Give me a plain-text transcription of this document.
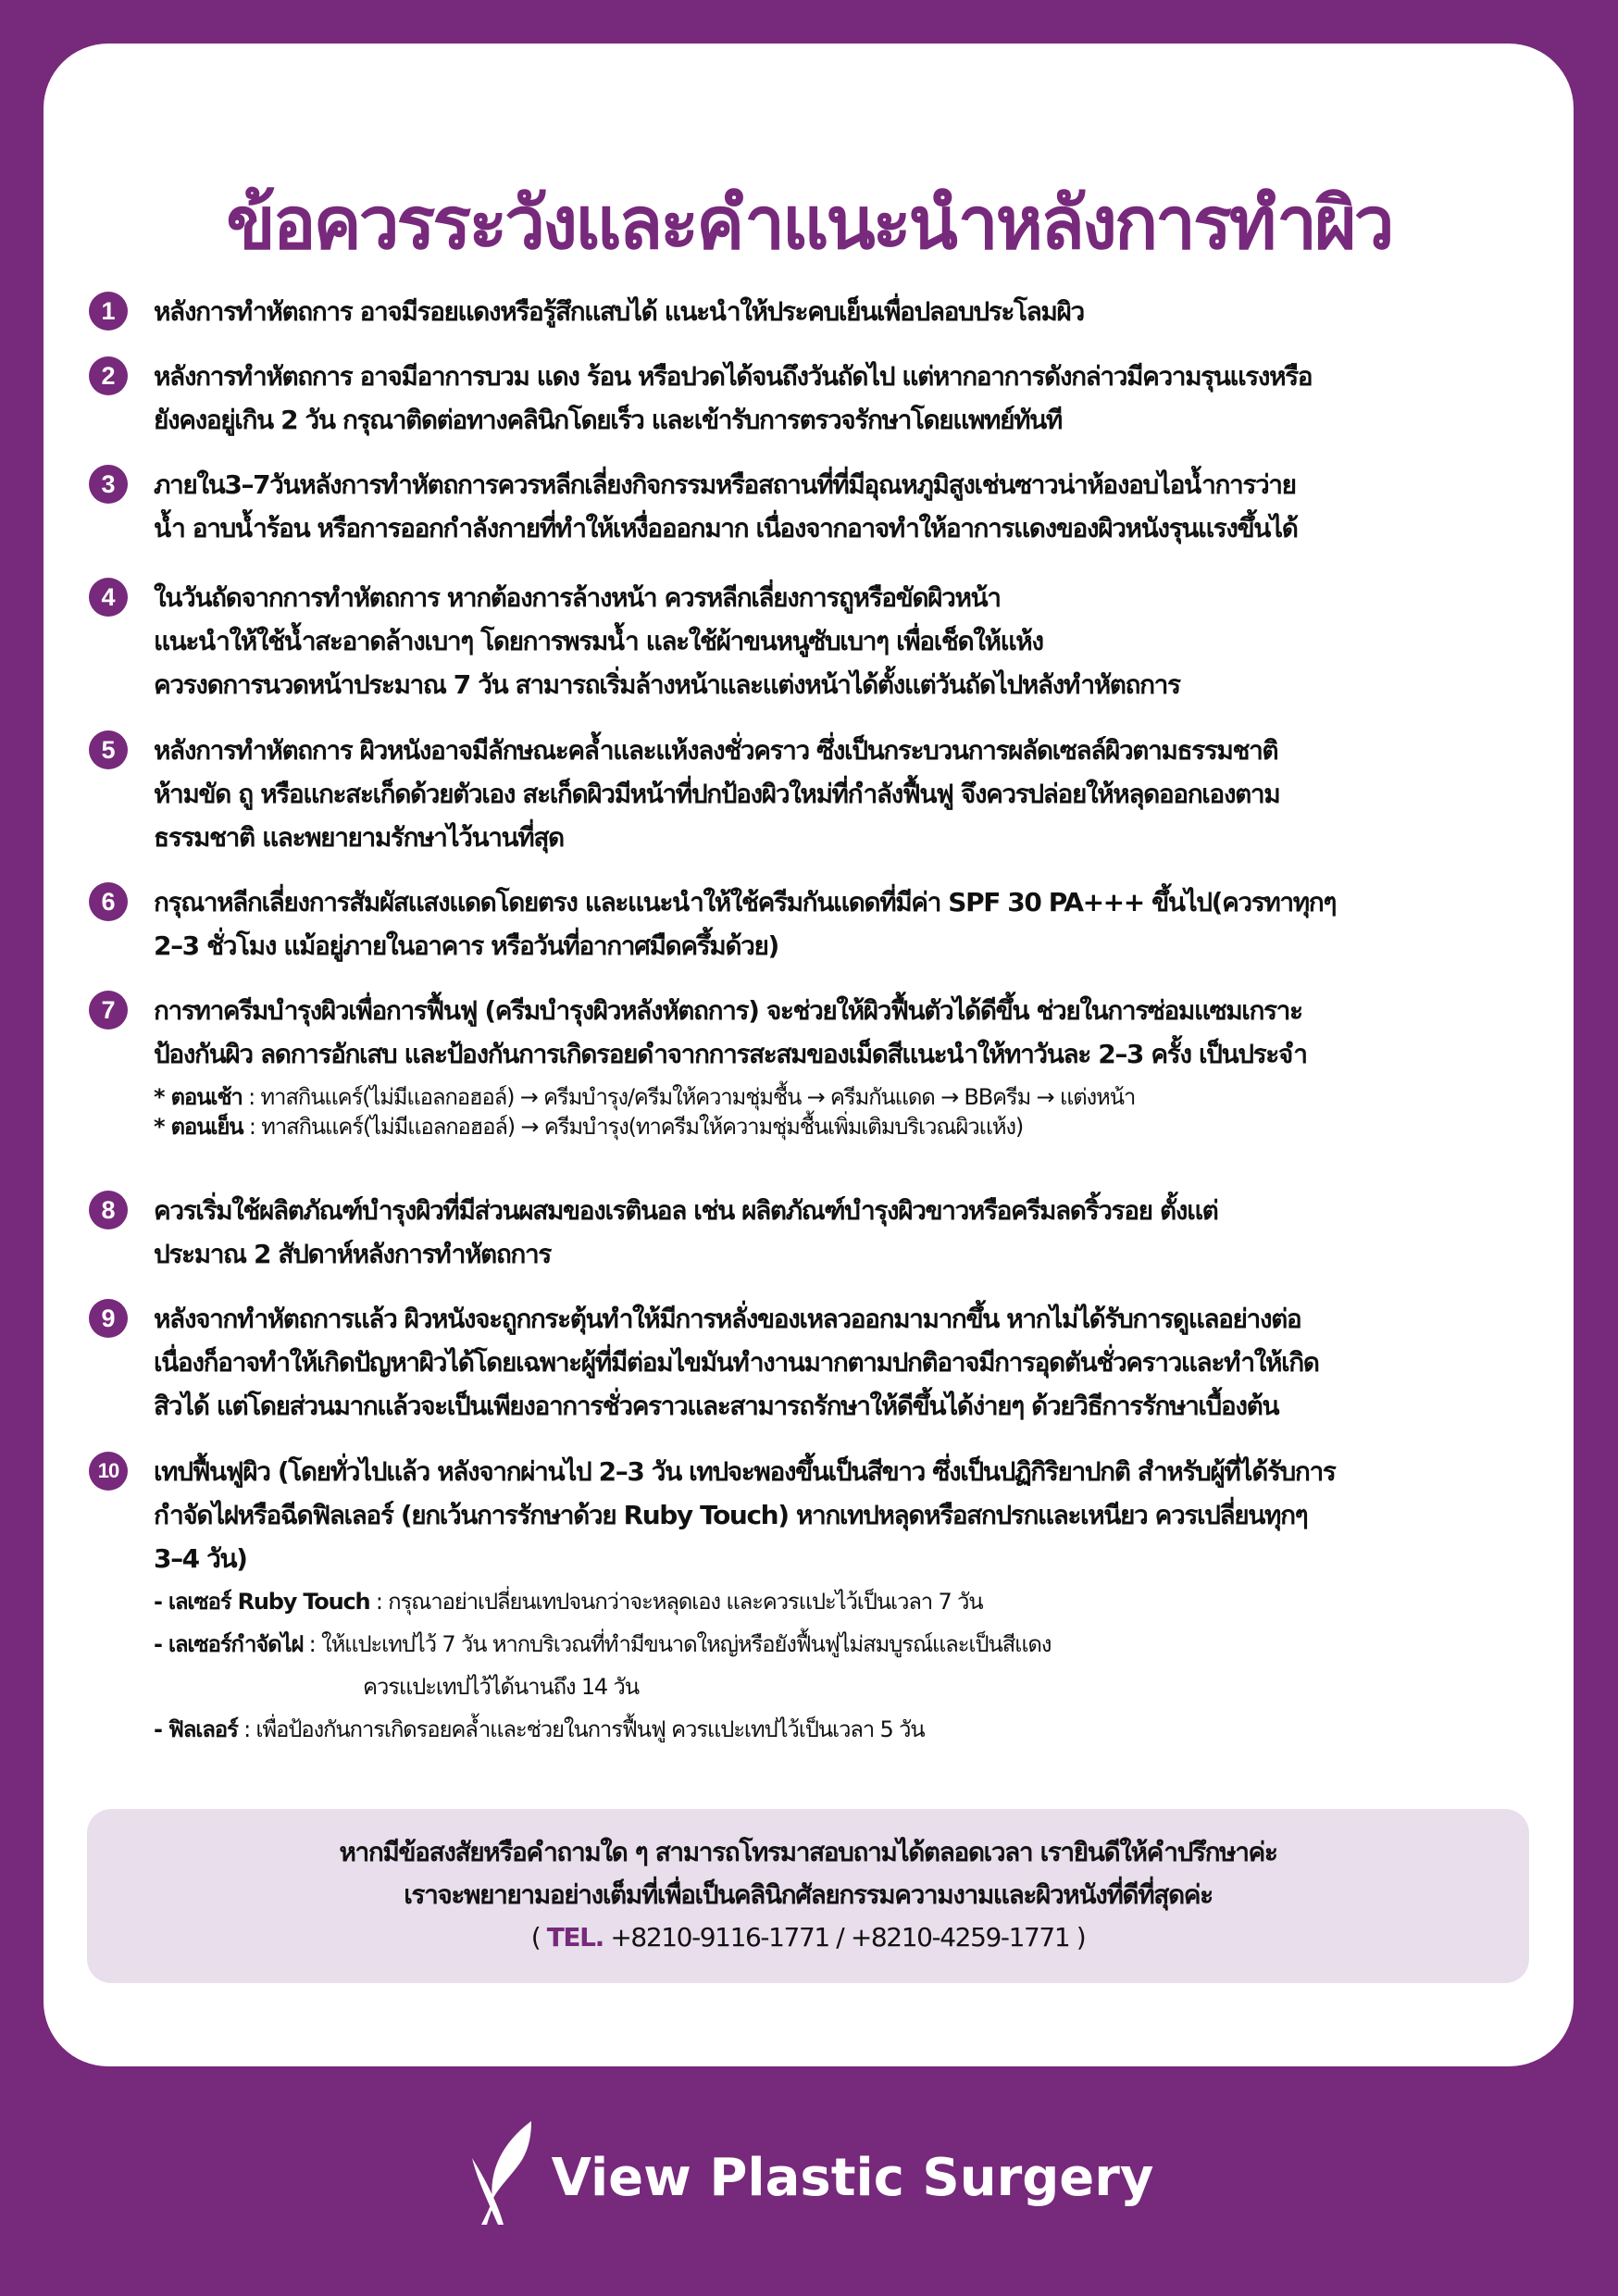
ข้อควรระวังและคำแนะนำหลังการทำผิว
1	หลังการทำหัตถการ อาจมีรอยแดงหรือรู้สึกแสบได้ แนะนำให้ประคบเย็นเพื่อปลอบประโลมผิว
2	หลังการทำหัตถการ อาจมีอาการบวม แดง ร้อน หรือปวดได้จนถึงวันถัดไป แต่หากอาการดังกล่าวมีความรุนแรงหรือ
ยังคงอยู่เกิน 2 วัน กรุณาติดต่อทางคลินิกโดยเร็ว และเข้ารับการตรวจรักษาโดยแพทย์ทันที
3	ภายใน3–7วันหลังการทำหัตถการควรหลีกเลี่ยงกิจกรรมหรือสถานที่ที่มีอุณหภูมิสูงเช่นซาวน่าห้องอบไอน้ำการว่าย
น้ำ อาบน้ำร้อน หรือการออกกำลังกายที่ทำให้เหงื่อออกมาก เนื่องจากอาจทำให้อาการแดงของผิวหนังรุนแรงขึ้นได้
4	ในวันถัดจากการทำหัตถการ หากต้องการล้างหน้า ควรหลีกเลี่ยงการถูหรือขัดผิวหน้า
แนะนำให้ใช้น้ำสะอาดล้างเบาๆ โดยการพรมน้ำ และใช้ผ้าขนหนูซับเบาๆ เพื่อเช็ดให้แห้ง
ควรงดการนวดหน้าประมาณ 7 วัน สามารถเริ่มล้างหน้าและแต่งหน้าได้ตั้งแต่วันถัดไปหลังทำหัตถการ
5	หลังการทำหัตถการ ผิวหนังอาจมีลักษณะคล้ำและแห้งลงชั่วคราว ซึ่งเป็นกระบวนการผลัดเซลล์ผิวตามธรรมชาติ
ห้ามขัด ถู หรือแกะสะเก็ดด้วยตัวเอง สะเก็ดผิวมีหน้าที่ปกป้องผิวใหม่ที่กำลังฟื้นฟู จึงควรปล่อยให้หลุดออกเองตาม
ธรรมชาติ และพยายามรักษาไว้นานที่สุด
6	กรุณาหลีกเลี่ยงการสัมผัสแสงแดดโดยตรง และแนะนำให้ใช้ครีมกันแดดที่มีค่า SPF 30 PA+++ ขึ้นไป(ควรทาทุกๆ
2–3 ชั่วโมง แม้อยู่ภายในอาคาร หรือวันที่อากาศมืดครึ้มด้วย)
7	การทาครีมบำรุงผิวเพื่อการฟื้นฟู (ครีมบำรุงผิวหลังหัตถการ) จะช่วยให้ผิวฟื้นตัวได้ดีขึ้น ช่วยในการซ่อมแซมเกราะ
ป้องกันผิว ลดการอักเสบ และป้องกันการเกิดรอยดำจากการสะสมของเม็ดสีแนะนำให้ทาวันละ 2–3 ครั้ง เป็นประจำ
* ตอนเช้า : ทาสกินแคร์(ไม่มีแอลกอฮอล์) → ครีมบำรุง/ครีมให้ความชุ่มชื้น → ครีมกันแดด → BBครีม → แต่งหน้า
* ตอนเย็น : ทาสกินแคร์(ไม่มีแอลกอฮอล์) → ครีมบำรุง(ทาครีมให้ความชุ่มชื้นเพิ่มเติมบริเวณผิวแห้ง)
8	ควรเริ่มใช้ผลิตภัณฑ์บำรุงผิวที่มีส่วนผสมของเรตินอล เช่น ผลิตภัณฑ์บำรุงผิวขาวหรือครีมลดริ้วรอย ตั้งแต่
ประมาณ 2 สัปดาห์หลังการทำหัตถการ
9	หลังจากทำหัตถการแล้ว ผิวหนังจะถูกกระตุ้นทำให้มีการหลั่งของเหลวออกมามากขึ้น หากไม่ได้รับการดูแลอย่างต่อ
เนื่องก็อาจทำให้เกิดปัญหาผิวได้โดยเฉพาะผู้ที่มีต่อมไขมันทำงานมากตามปกติอาจมีการอุดตันชั่วคราวและทำให้เกิด
สิวได้ แต่โดยส่วนมากแล้วจะเป็นเพียงอาการชั่วคราวและสามารถรักษาให้ดีขึ้นได้ง่ายๆ ด้วยวิธีการรักษาเบื้องต้น
10	เทปฟื้นฟูผิว (โดยทั่วไปแล้ว หลังจากผ่านไป 2–3 วัน เทปจะพองขึ้นเป็นสีขาว ซึ่งเป็นปฏิกิริยาปกติ สำหรับผู้ที่ได้รับการ
กำจัดไฝหรือฉีดฟิลเลอร์ (ยกเว้นการรักษาด้วย Ruby Touch) หากเทปหลุดหรือสกปรกและเหนียว ควรเปลี่ยนทุกๆ
3–4 วัน)
- เลเซอร์ Ruby Touch : กรุณาอย่าเปลี่ยนเทปจนกว่าจะหลุดเอง และควรแปะไว้เป็นเวลา 7 วัน
- เลเซอร์กำจัดไฝ : ให้แปะเทปไว้ 7 วัน หากบริเวณที่ทำมีขนาดใหญ่หรือยังฟื้นฟูไม่สมบูรณ์และเป็นสีแดง
ควรแปะเทปไว้ได้นานถึง 14 วัน
- ฟิลเลอร์ : เพื่อป้องกันการเกิดรอยคล้ำและช่วยในการฟื้นฟู ควรแปะเทปไว้เป็นเวลา 5 วัน
หากมีข้อสงสัยหรือคำถามใด ๆ สามารถโทรมาสอบถามได้ตลอดเวลา เรายินดีให้คำปรึกษาค่ะ
เราจะพยายามอย่างเต็มที่เพื่อเป็นคลินิกศัลยกรรมความงามและผิวหนังที่ดีที่สุดค่ะ
( TEL. +8210-9116-1771 / +8210-4259-1771 )
View Plastic Surgery
